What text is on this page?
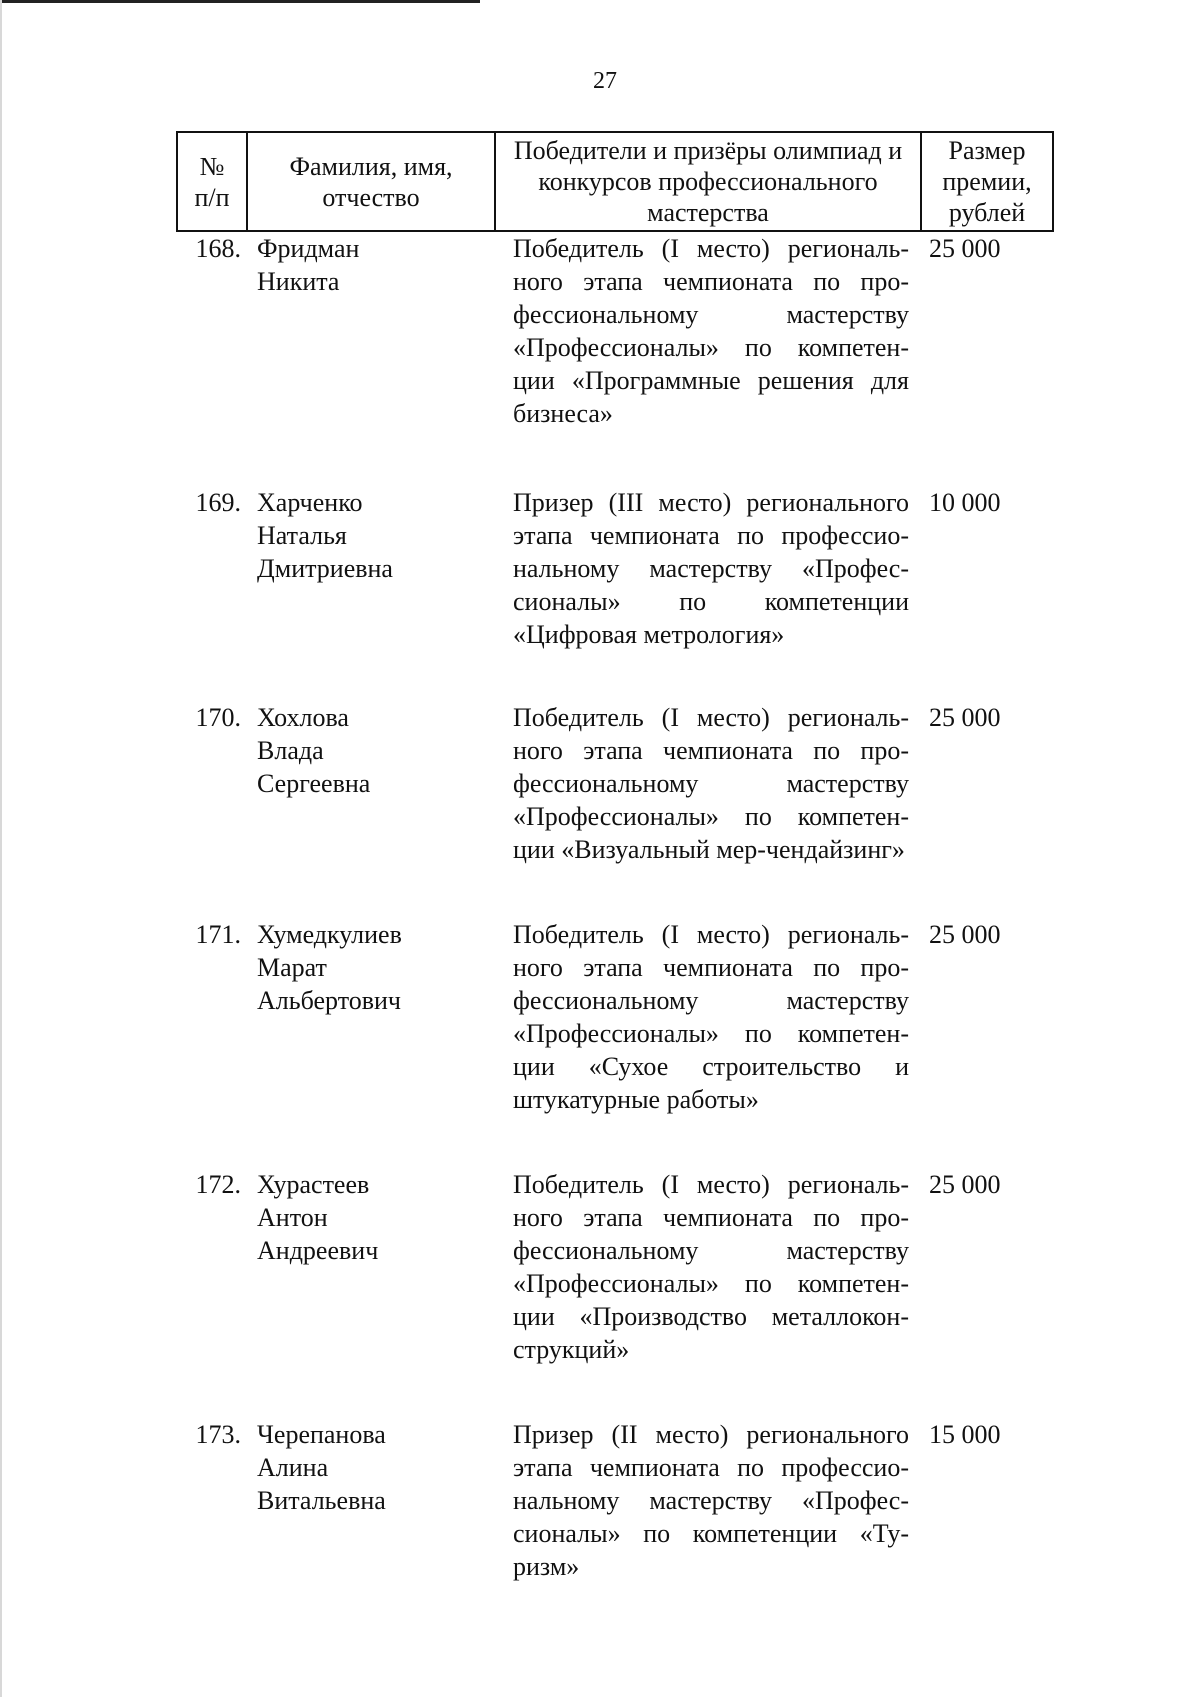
27
№ п/п	Фамилия, имя, отчество	Победители и призёры олимпиад и конкурсов профессионального мастерства	Размер премии, рублей
168.	Фридман Никита	Победитель (I место) региональ-ного этапа чемпионата по про-фессиональному мастерству «Профессионалы» по компетен-ции «Программные решения для бизнеса»	25 000
169.	Харченко Наталья Дмитриевна	Призер (III место) регионального этапа чемпионата по профессио-нальному мастерству «Профес-сионалы» по компетенции «Цифровая метрология»	10 000
170.	Хохлова Влада Сергеевна	Победитель (I место) региональ-ного этапа чемпионата по про-фессиональному мастерству «Профессионалы» по компетен-ции «Визуальный мер-чендайзинг»	25 000
171.	Хумедкулиев Марат Альбертович	Победитель (I место) региональ-ного этапа чемпионата по про-фессиональному мастерству «Профессионалы» по компетен-ции «Сухое строительство и штукатурные работы»	25 000
172.	Хурастеев Антон Андреевич	Победитель (I место) региональ-ного этапа чемпионата по про-фессиональному мастерству «Профессионалы» по компетен-ции «Производство металлокон-струкций»	25 000
173.	Черепанова Алина Витальевна	Призер (II место) регионального этапа чемпионата по профессио-нальному мастерству «Профес-сионалы» по компетенции «Ту-ризм»	15 000
